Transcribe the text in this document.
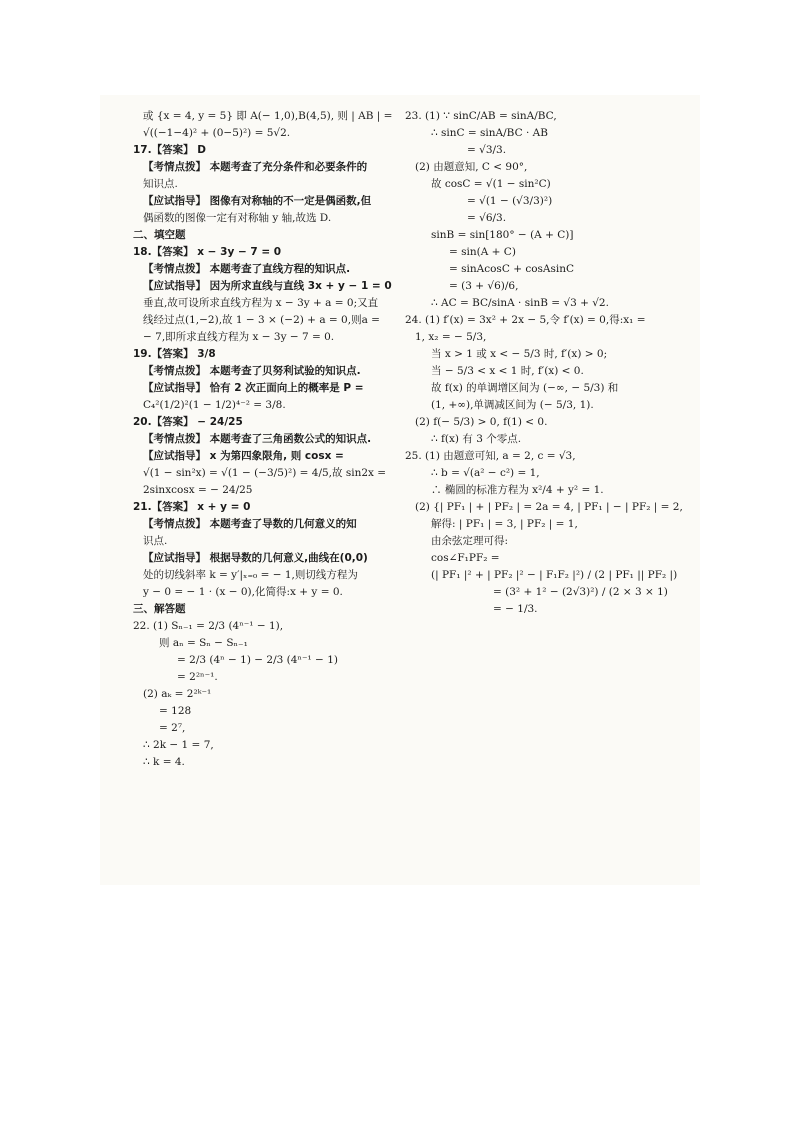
或 {x = 4, y = 5} 即 A(− 1,0),B(4,5), 则 | AB | =
√((−1−4)² + (0−5)²) = 5√2.
17.【答案】 D
【考情点拨】 本题考查了充分条件和必要条件的
知识点.
【应试指导】 图像有对称轴的不一定是偶函数,但
偶函数的图像一定有对称轴 y 轴,故选 D.
二、填空题
18.【答案】 x − 3y − 7 = 0
【考情点拨】 本题考查了直线方程的知识点.
【应试指导】 因为所求直线与直线 3x + y − 1 = 0
垂直,故可设所求直线方程为 x − 3y + a = 0;又直
线经过点(1,−2),故 1 − 3 × (−2) + a = 0,则a =
− 7,即所求直线方程为 x − 3y − 7 = 0.
19.【答案】 3/8
【考情点拨】 本题考查了贝努利试验的知识点.
【应试指导】 恰有 2 次正面向上的概率是 P =
C₄²(1/2)²(1 − 1/2)⁴⁻² = 3/8.
20.【答案】 − 24/25
【考情点拨】 本题考查了三角函数公式的知识点.
【应试指导】 x 为第四象限角, 则 cosx =
√(1 − sin²x) = √(1 − (−3/5)²) = 4/5,故 sin2x =
2sinxcosx = − 24/25
21.【答案】 x + y = 0
【考情点拨】 本题考查了导数的几何意义的知
识点.
【应试指导】 根据导数的几何意义,曲线在(0,0)
处的切线斜率 k = y′|ₓ₌₀ = − 1,则切线方程为
y − 0 = − 1 · (x − 0),化简得:x + y = 0.
三、解答题
22. (1) Sₙ₋₁ = 2/3 (4ⁿ⁻¹ − 1),
则 aₙ = Sₙ − Sₙ₋₁
= 2/3 (4ⁿ − 1) − 2/3 (4ⁿ⁻¹ − 1)
= 2²ⁿ⁻¹.
(2) aₖ = 2²ᵏ⁻¹
= 128
= 2⁷,
∴ 2k − 1 = 7,
∴ k = 4.
23. (1) ∵ sinC/AB = sinA/BC,
∴ sinC = sinA/BC · AB
= √3/3.
(2) 由题意知, C < 90°,
故 cosC = √(1 − sin²C)
= √(1 − (√3/3)²)
= √6/3.
sinB = sin[180° − (A + C)]
= sin(A + C)
= sinAcosC + cosAsinC
= (3 + √6)/6,
∴ AC = BC/sinA · sinB = √3 + √2.
24. (1) f′(x) = 3x² + 2x − 5,令 f′(x) = 0,得:x₁ =
1, x₂ = − 5/3,
当 x > 1 或 x < − 5/3 时, f′(x) > 0;
当 − 5/3 < x < 1 时, f′(x) < 0.
故 f(x) 的单调增区间为 (−∞, − 5/3) 和
(1, +∞),单调减区间为 (− 5/3, 1).
(2) f(− 5/3) > 0, f(1) < 0.
∴ f(x) 有 3 个零点.
25. (1) 由题意可知, a = 2, c = √3,
∴ b = √(a² − c²) = 1,
∴ 椭圆的标准方程为 x²/4 + y² = 1.
(2) {| PF₁ | + | PF₂ | = 2a = 4, | PF₁ | − | PF₂ | = 2,
解得: | PF₁ | = 3, | PF₂ | = 1,
由余弦定理可得:
cos∠F₁PF₂ =
(| PF₁ |² + | PF₂ |² − | F₁F₂ |²) / (2 | PF₁ || PF₂ |)
= (3² + 1² − (2√3)²) / (2 × 3 × 1)
= − 1/3.
